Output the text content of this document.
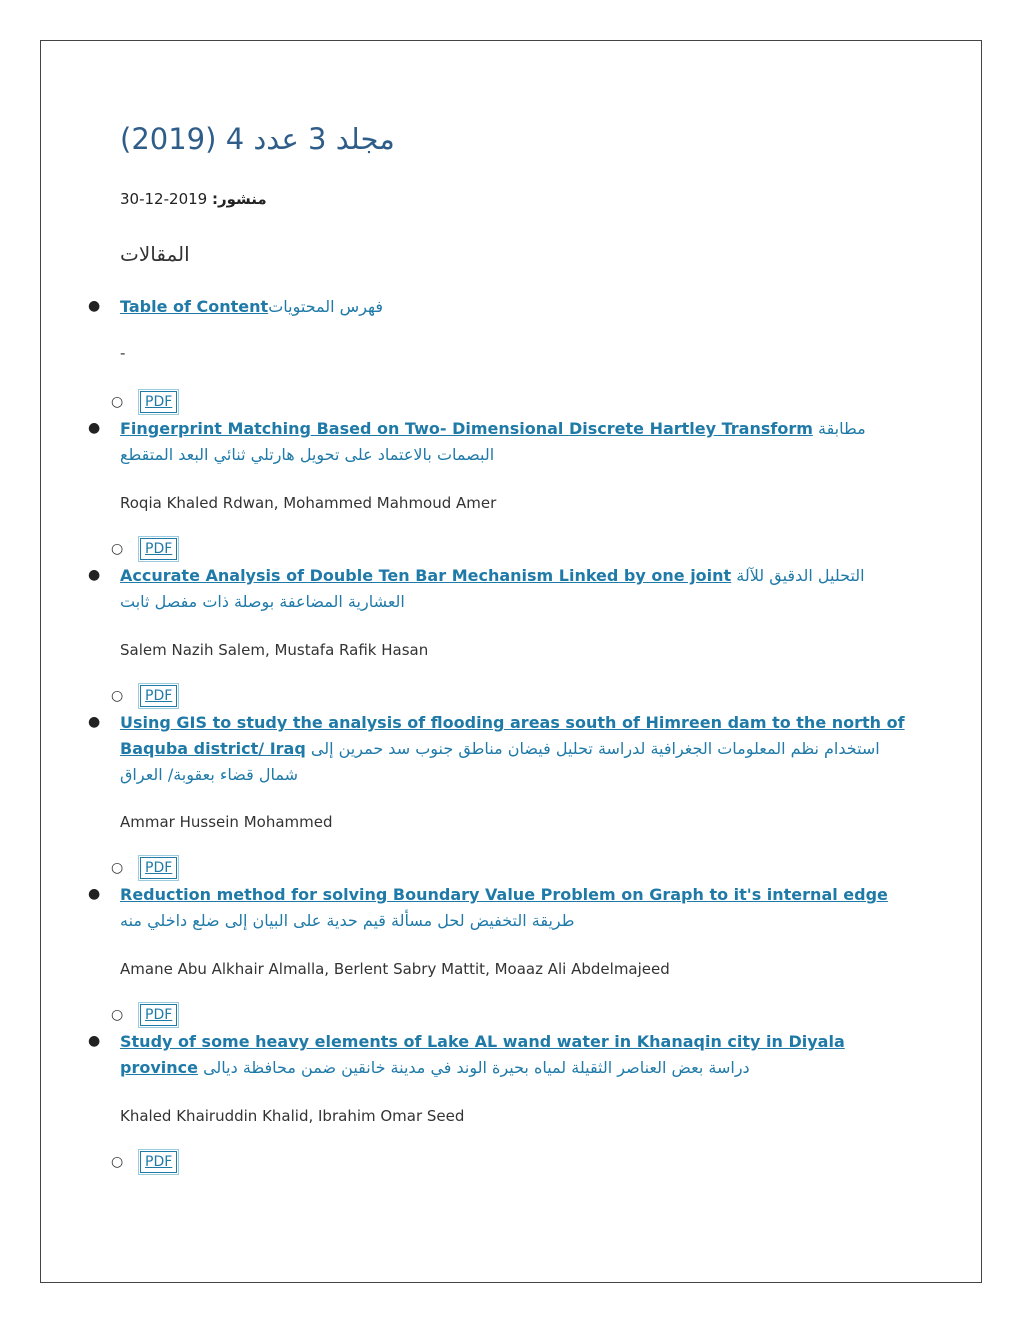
مجلد 3 عدد 4 (2019)
منشور: 2019-12-30
المقالات
● Table of Contentفهرس المحتويات
-
○	PDF
● Fingerprint Matching Based on Two- Dimensional Discrete Hartley Transform مطابقة البصمات بالاعتماد على تحويل هارتلي ثنائي البعد المتقطع
Roqia Khaled Rdwan, Mohammed Mahmoud Amer
○	PDF
● Accurate Analysis of Double Ten Bar Mechanism Linked by one joint التحليل الدقيق للآلة العشارية المضاعفة بوصلة ذات مفصل ثابت
Salem Nazih Salem, Mustafa Rafik Hasan
○	PDF
● Using GIS to study the analysis of flooding areas south of Himreen dam to the north of Baquba district/ Iraq استخدام نظم المعلومات الجغرافية لدراسة تحليل فيضان مناطق جنوب سد حمرين إلى شمال قضاء بعقوبة/ العراق
Ammar Hussein Mohammed
○	PDF
● Reduction method for solving Boundary Value Problem on Graph to it's internal edge طريقة التخفيض لحل مسألة قيم حدية على البيان إلى ضلع داخلي منه
Amane Abu Alkhair Almalla, Berlent Sabry Mattit, Moaaz Ali Abdelmajeed
○	PDF
● Study of some heavy elements of Lake AL wand water in Khanaqin city in Diyala province دراسة بعض العناصر الثقيلة لمياه بحيرة الوند في مدينة خانقين ضمن محافظة ديالى
Khaled Khairuddin Khalid, Ibrahim Omar Seed
○	PDF
